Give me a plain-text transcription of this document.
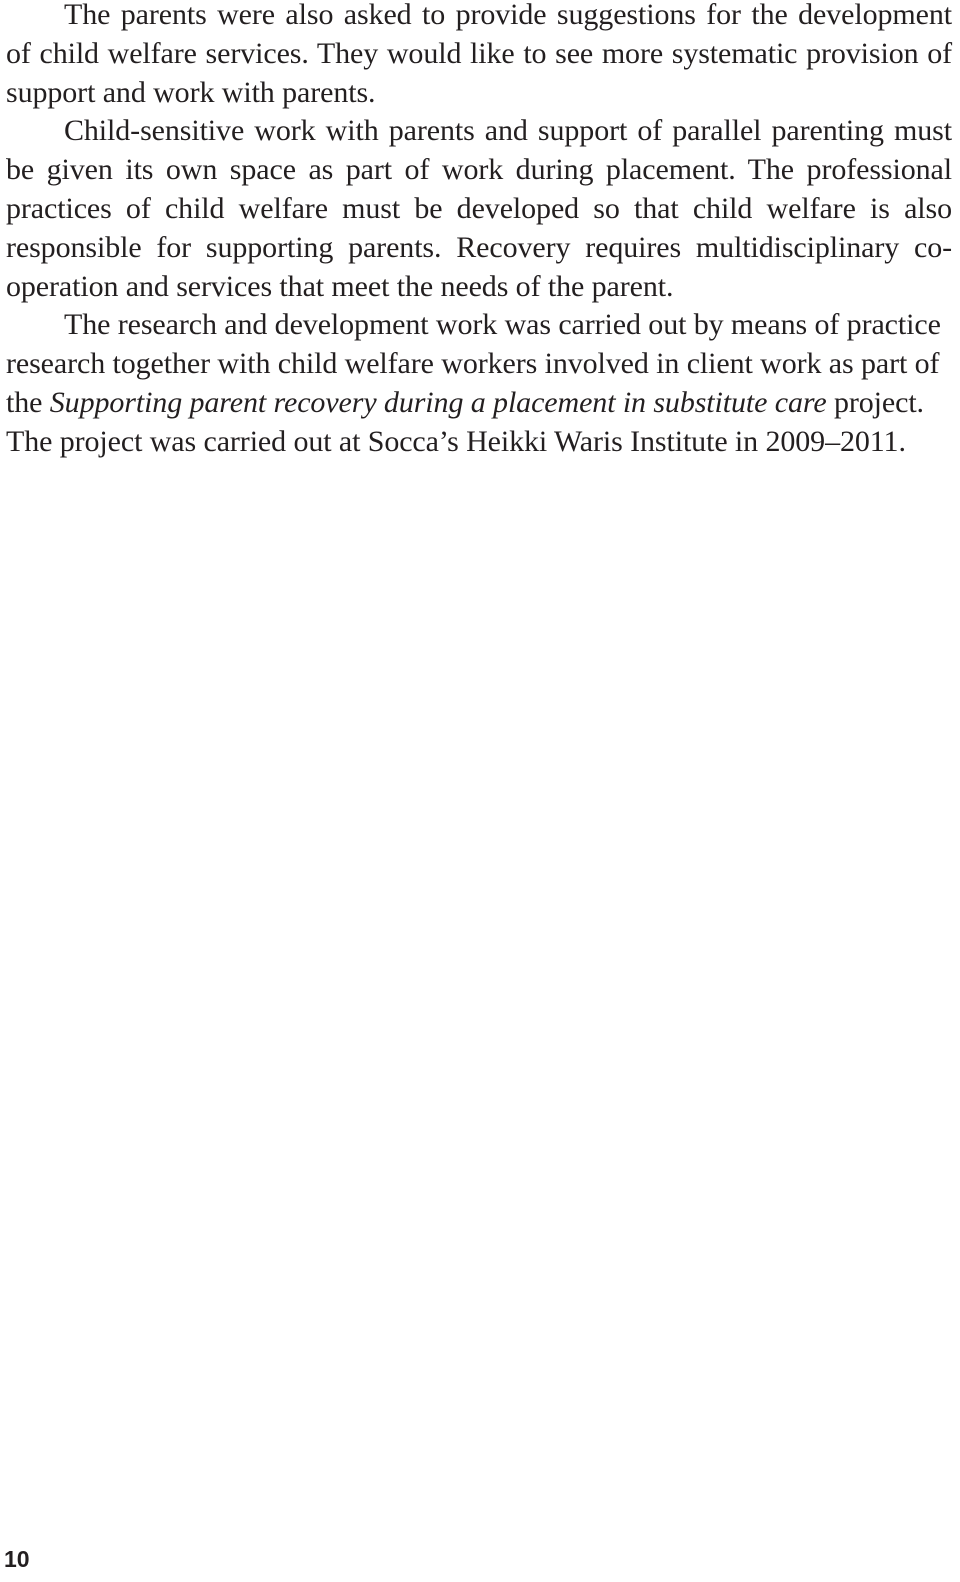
The parents were also asked to provide suggestions for the development of child welfare services. They would like to see more systematic provision of support and work with parents.

Child-sensitive work with parents and support of parallel parenting must be given its own space as part of work during placement. The professional practices of child welfare must be developed so that child welfare is also responsible for supporting parents. Recovery requires multidisciplinary co-operation and services that meet the needs of the parent.

The research and development work was carried out by means of practice research together with child welfare workers involved in client work as part of the Supporting parent recovery during a placement in substitute care project. The project was carried out at Socca’s Heikki Waris Institute in 2009–2011.

10
